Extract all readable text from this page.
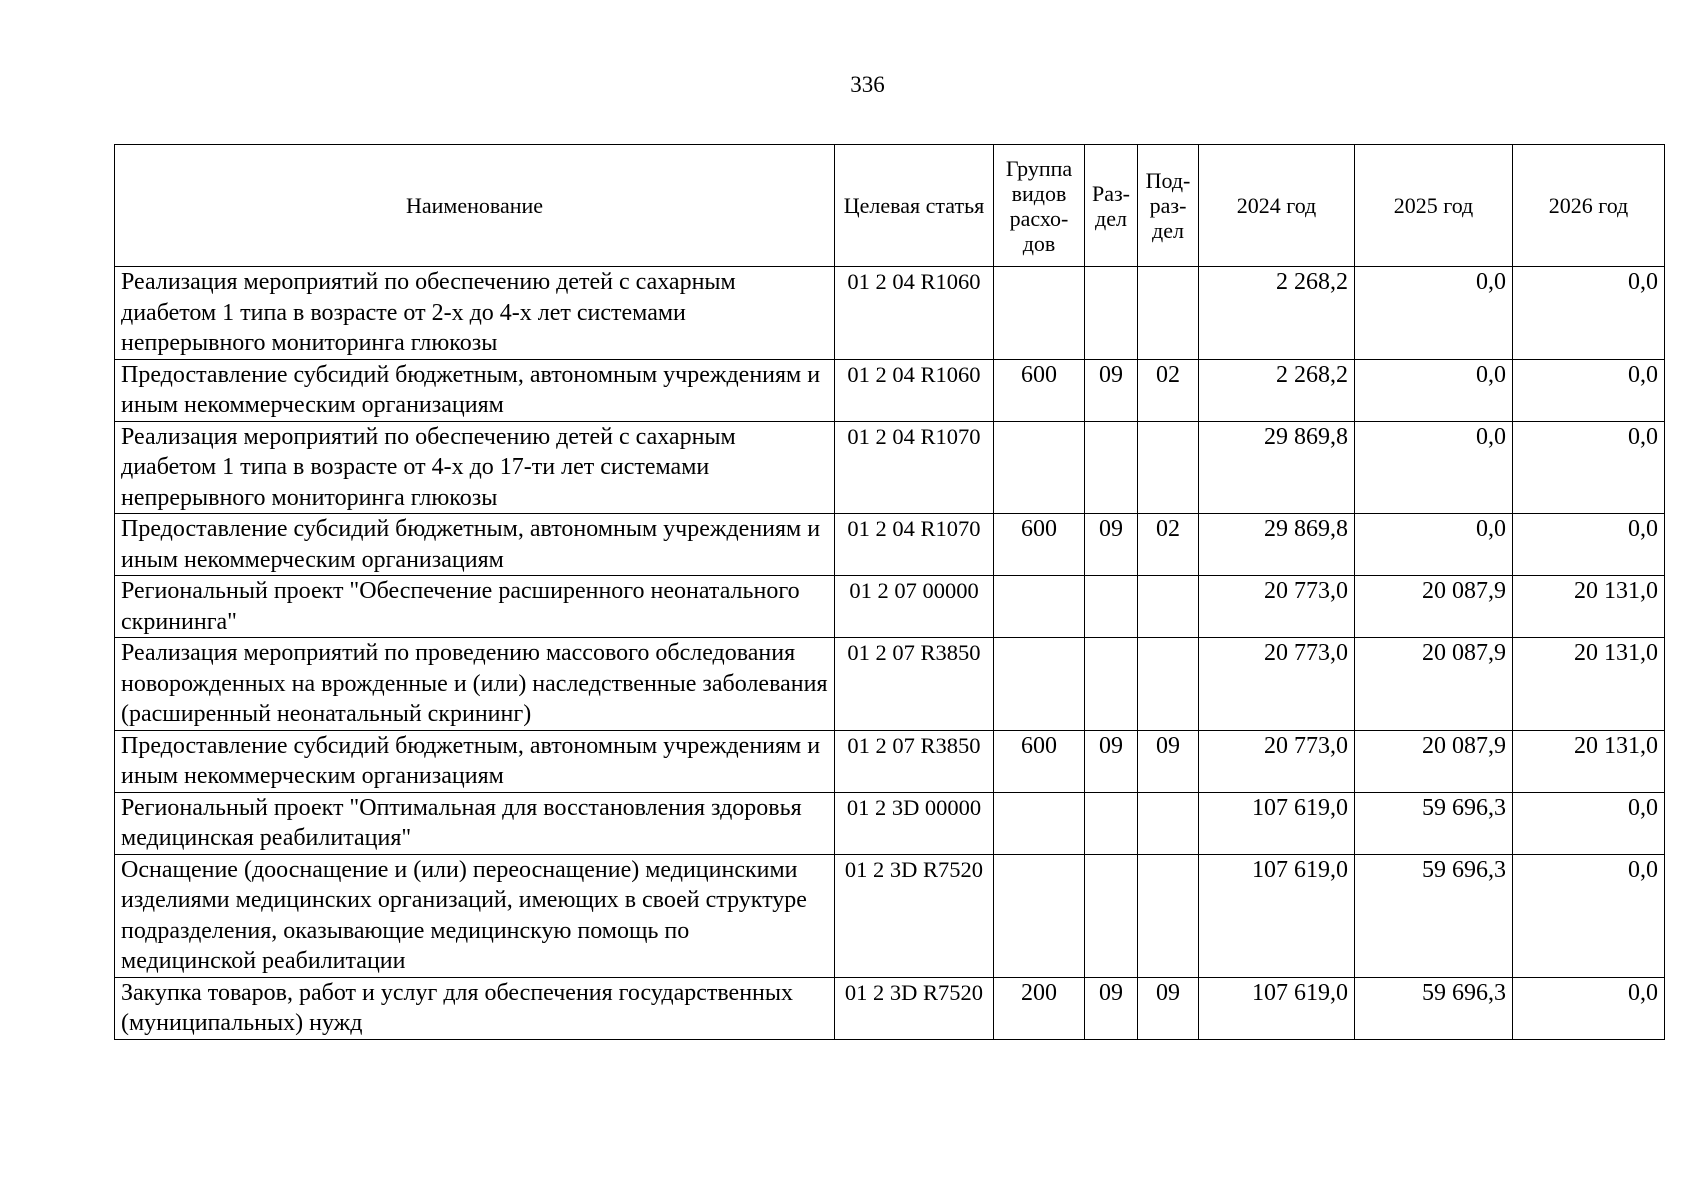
336
Наименование	Целевая статья	Группа видов расхо-дов	Раз-дел	Под-раз-дел	2024 год	2025 год	2026 год
Реализация мероприятий по обеспечению детей с сахарным диабетом 1 типа в возрасте от 2-х до 4-х лет системами непрерывного мониторинга глюкозы	01 2 04 R1060				2 268,2	0,0	0,0
Предоставление субсидий бюджетным, автономным учреждениям и иным некоммерческим организациям	01 2 04 R1060	600	09	02	2 268,2	0,0	0,0
Реализация мероприятий по обеспечению детей с сахарным диабетом 1 типа в возрасте от 4-х до 17-ти лет системами непрерывного мониторинга глюкозы	01 2 04 R1070				29 869,8	0,0	0,0
Предоставление субсидий бюджетным, автономным учреждениям и иным некоммерческим организациям	01 2 04 R1070	600	09	02	29 869,8	0,0	0,0
Региональный проект "Обеспечение расширенного неонатального скрининга"	01 2 07 00000				20 773,0	20 087,9	20 131,0
Реализация мероприятий по проведению массового обследования новорожденных на врожденные и (или) наследственные заболевания (расширенный неонатальный скрининг)	01 2 07 R3850				20 773,0	20 087,9	20 131,0
Предоставление субсидий бюджетным, автономным учреждениям и иным некоммерческим организациям	01 2 07 R3850	600	09	09	20 773,0	20 087,9	20 131,0
Региональный проект "Оптимальная для восстановления здоровья медицинская реабилитация"	01 2 3D 00000				107 619,0	59 696,3	0,0
Оснащение (дооснащение и (или) переоснащение) медицинскими изделиями медицинских организаций, имеющих в своей структуре подразделения, оказывающие медицинскую помощь по медицинской реабилитации	01 2 3D R7520				107 619,0	59 696,3	0,0
Закупка товаров, работ и услуг для обеспечения государственных (муниципальных) нужд	01 2 3D R7520	200	09	09	107 619,0	59 696,3	0,0
